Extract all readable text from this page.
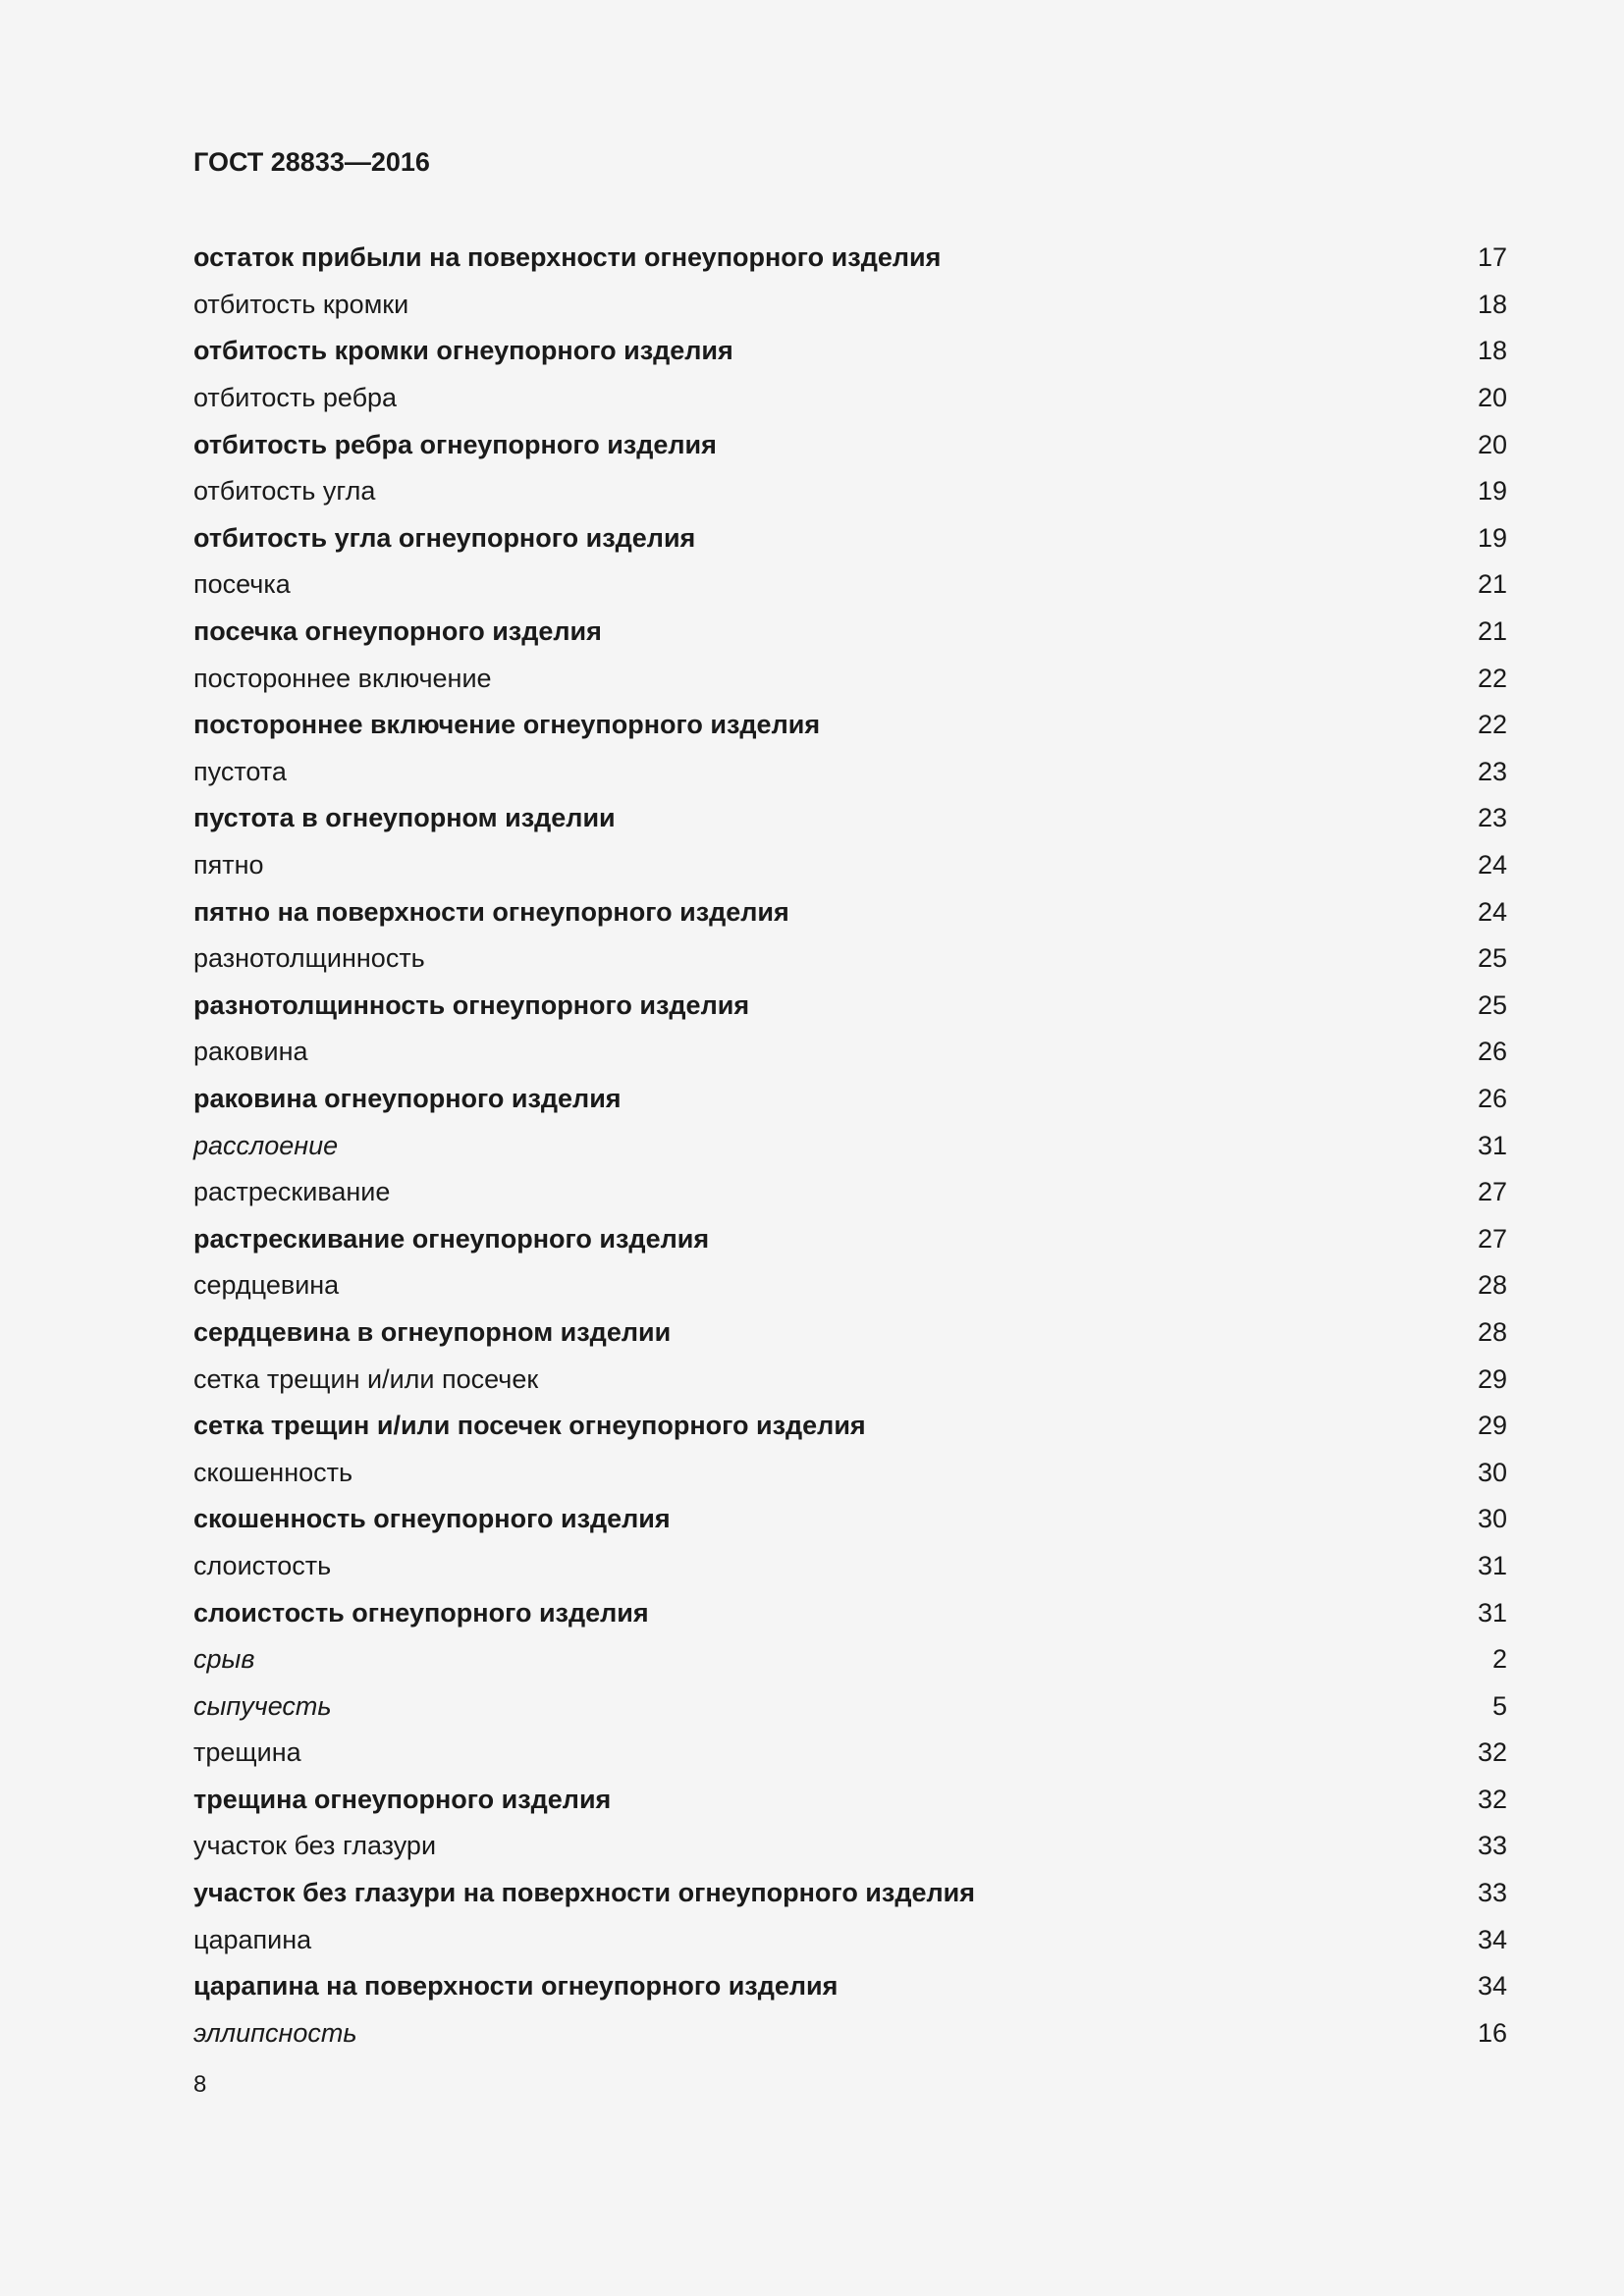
ГОСТ 28833—2016
остаток прибыли на поверхности огнеупорного изделия	17
отбитость кромки	18
отбитость кромки огнеупорного изделия	18
отбитость ребра	20
отбитость ребра огнеупорного изделия	20
отбитость угла	19
отбитость угла огнеупорного изделия	19
посечка	21
посечка огнеупорного изделия	21
постороннее включение	22
постороннее включение огнеупорного изделия	22
пустота	23
пустота в огнеупорном изделии	23
пятно	24
пятно на поверхности огнеупорного изделия	24
разнотолщинность	25
разнотолщинность огнеупорного изделия	25
раковина	26
раковина огнеупорного изделия	26
расслоение	31
растрескивание	27
растрескивание огнеупорного изделия	27
сердцевина	28
сердцевина в огнеупорном изделии	28
сетка трещин и/или посечек	29
сетка трещин и/или посечек огнеупорного изделия	29
скошенность	30
скошенность огнеупорного изделия	30
слоистость	31
слоистость огнеупорного изделия	31
срыв	2
сыпучесть	5
трещина	32
трещина огнеупорного изделия	32
участок без глазури	33
участок без глазури на поверхности огнеупорного изделия	33
царапина	34
царапина на поверхности огнеупорного изделия	34
эллипсность	16
8
